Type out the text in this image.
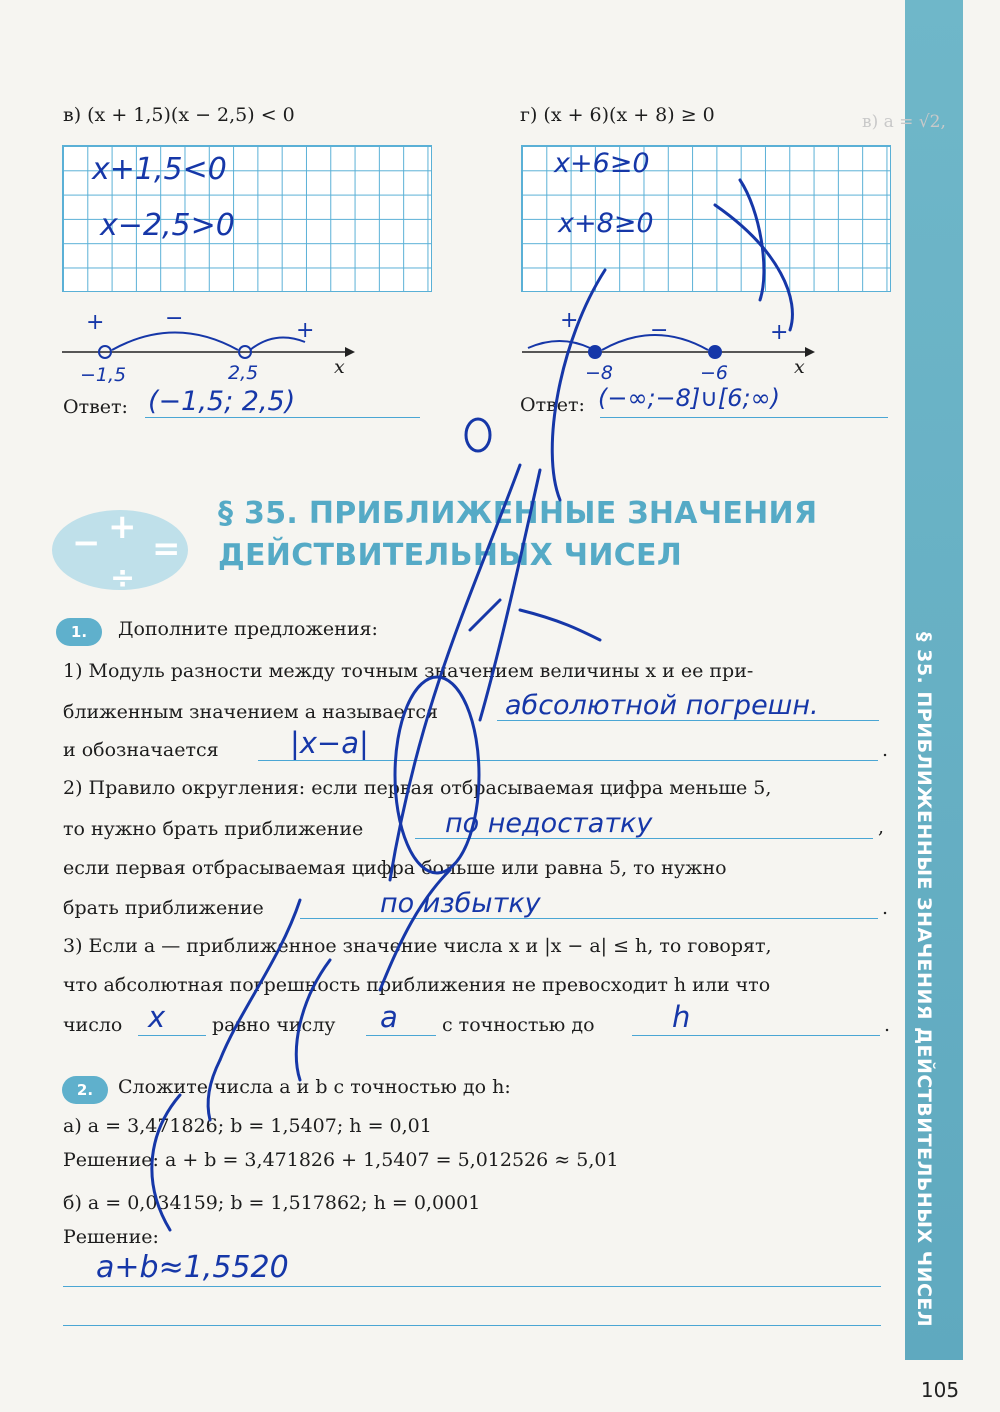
§ 35. ПРИБЛИЖЕННЫЕ ЗНАЧЕНИЯ ДЕЙСТВИТЕЛЬНЫХ ЧИСЕЛ
105
в) a = √2,
в) (x + 1,5)(x − 2,5) < 0
x+1,5<0
x−2,5>0
+	−	+
−1,5	2,5	x
Ответ: (−1,5; 2,5)
г) (x + 6)(x + 8) ≥ 0
x+6≥0
x+8≥0
+	−	+
−8	−6	x
Ответ: (−∞;−8]∪[6;∞)
− +
=
÷
§ 35. ПРИБЛИЖЕННЫЕ ЗНАЧЕНИЯ
ДЕЙСТВИТЕЛЬНЫХ ЧИСЕЛ
1.	Дополните предложения:
1) Модуль разности между точным значением величины x и ее при-
ближенным значением a называется абсолютной погрешн.
и обозначается |x−a|	.
2) Правило округления: если первая отбрасываемая цифра меньше 5,
то нужно брать приближение	по недостатку	,
если первая отбрасываемая цифра больше или равна 5, то нужно
брать приближение	по избытку	.
3) Если a — приближенное значение числа x и |x − a| ≤ h, то говорят,
что абсолютная погрешность приближения не превосходит h или что
число x равно числу a с точностью до	h	.
2.	Сложите числа a и b с точностью до h:
а) a = 3,471826; b = 1,5407; h = 0,01
Решение: a + b = 3,471826 + 1,5407 = 5,012526 ≈ 5,01
б) a = 0,034159; b = 1,517862; h = 0,0001
Решение:
a+b≈1,5520
